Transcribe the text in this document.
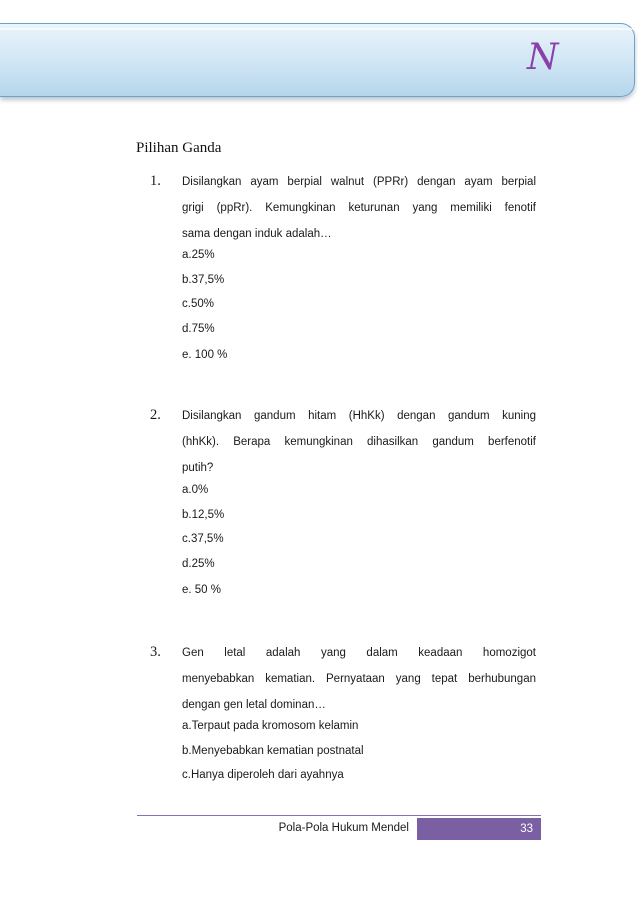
N
Pilihan Ganda
1. Disilangkan ayam berpial walnut (PPRr) dengan ayam berpial
grigi (ppRr). Kemungkinan keturunan yang memiliki fenotif
sama dengan induk adalah…
a.25%
b.37,5%
c.50%
d.75%
e. 100 %
2. Disilangkan gandum hitam (HhKk) dengan gandum kuning
(hhKk). Berapa kemungkinan dihasilkan gandum berfenotif
putih?
a.0%
b.12,5%
c.37,5%
d.25%
e. 50 %
3. Gen letal adalah yang dalam keadaan homozigot
menyebabkan kematian. Pernyataan yang tepat berhubungan
dengan gen letal dominan…
a.Terpaut pada kromosom kelamin
b.Menyebabkan kematian postnatal
c.Hanya diperoleh dari ayahnya
Pola-Pola Hukum Mendel	33
